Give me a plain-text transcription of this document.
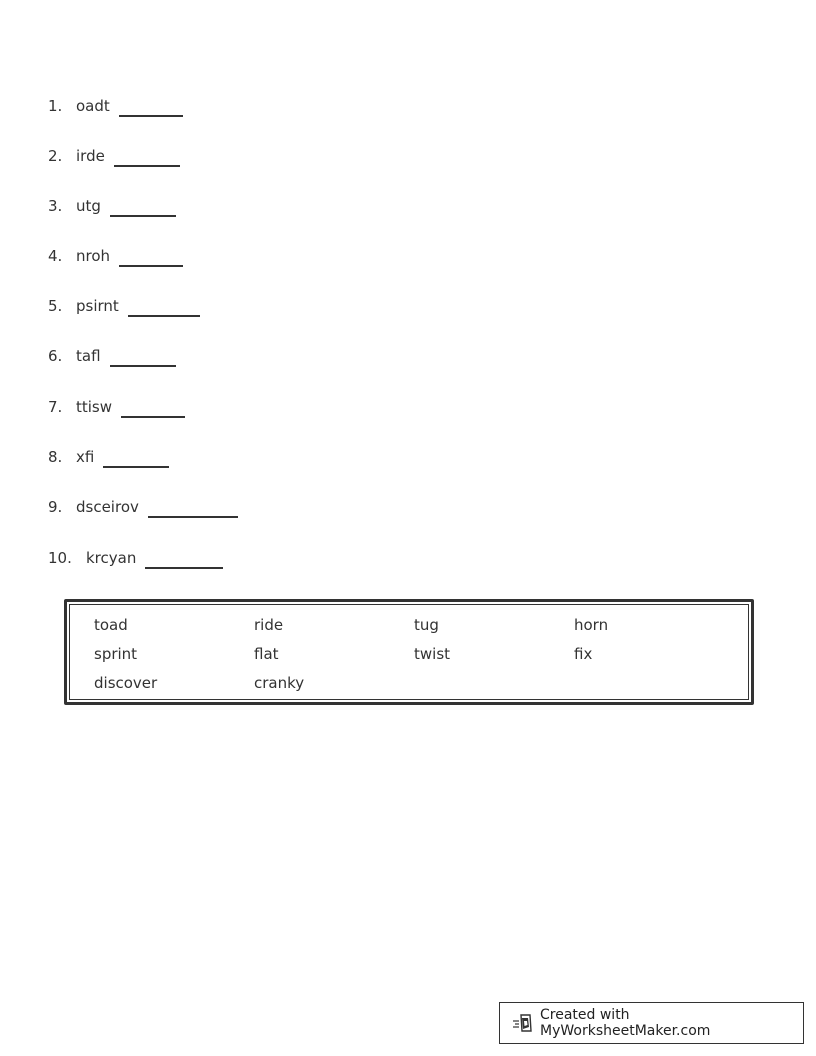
1. oadt
2. irde
3. utg
4. nroh
5. psirnt
6. tafl
7. ttisw
8. xfi
9. dsceirov
10. krcyan
toad	ride	tug	horn
sprint	flat	twist	fix
discover	cranky
Created with MyWorksheetMaker.com
